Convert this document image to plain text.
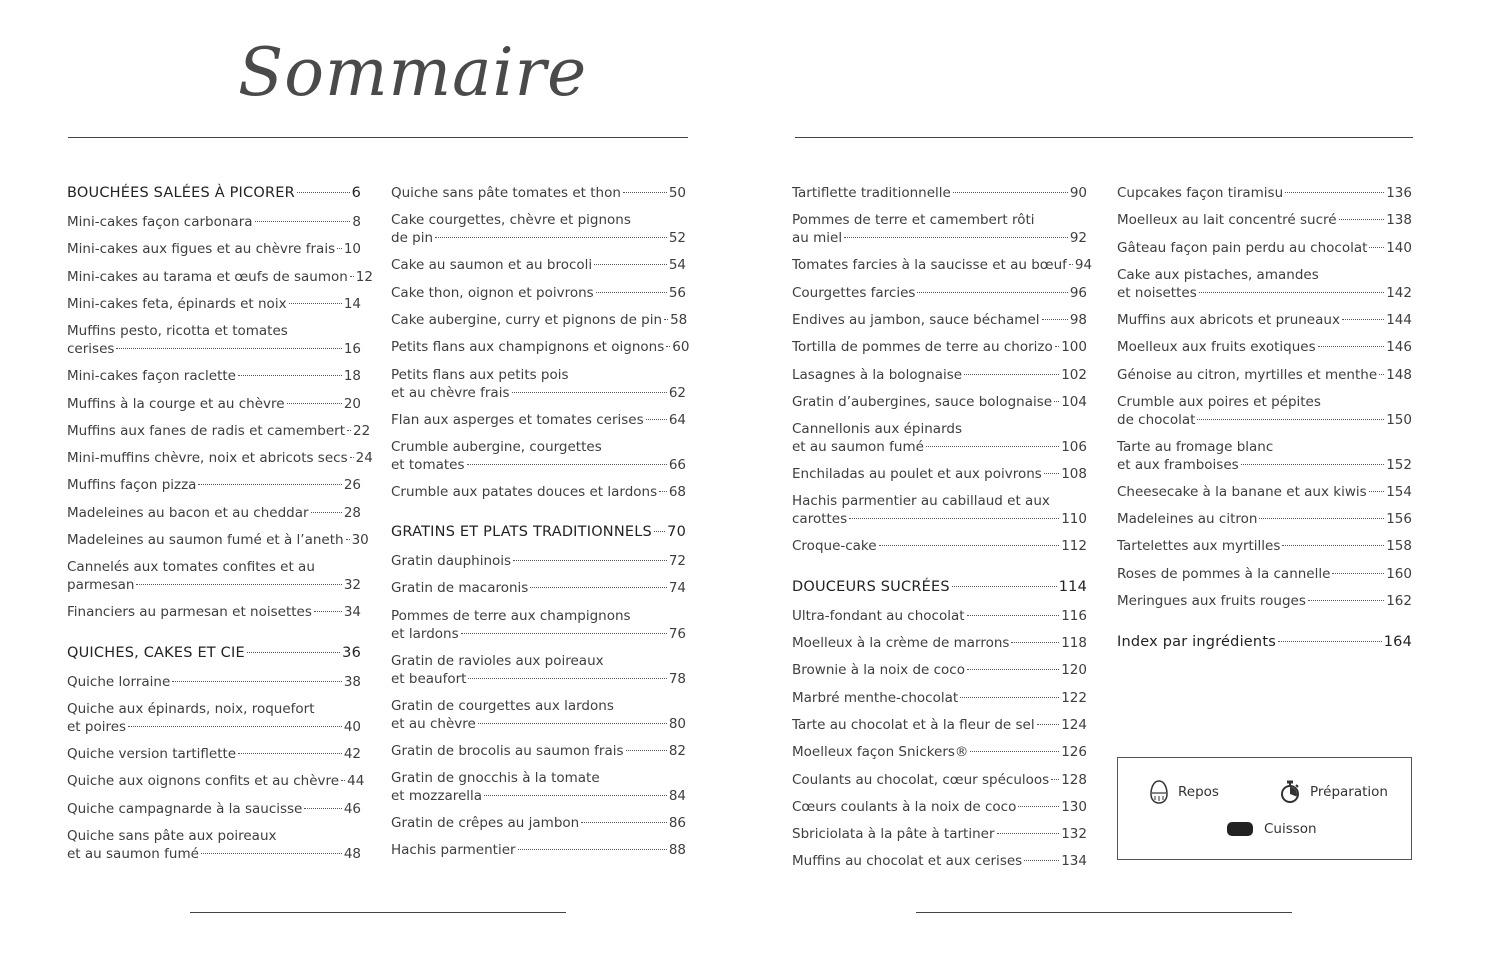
Sommaire
BOUCHÉES SALÉES À PICORER	6
Mini-cakes façon carbonara	8
Mini-cakes aux figues et au chèvre frais 10
Mini-cakes au tarama et œufs de saumon 12
Mini-cakes feta, épinards et noix	14
Muffins pesto, ricotta et tomates
cerises	16
Mini-cakes façon raclette	18
Muffins à la courge et au chèvre	20
Muffins aux fanes de radis et camembert 22
Mini-muffins chèvre, noix et abricots secs 24
Muffins façon pizza	26
Madeleines au bacon et au cheddar	28
Madeleines au saumon fumé et à l’aneth 30
Cannelés aux tomates confites et au
parmesan	32
Financiers au parmesan et noisettes 34
QUICHES, CAKES ET CIE	36
Quiche lorraine	38
Quiche aux épinards, noix, roquefort
et poires	40
Quiche version tartiflette	42
Quiche aux oignons confits et au chèvre 44
Quiche campagnarde à la saucisse	46
Quiche sans pâte aux poireaux
et au saumon fumé	48
Quiche sans pâte tomates et thon	50
Cake courgettes, chèvre et pignons
de pin	52
Cake au saumon et au brocoli	54
Cake thon, oignon et poivrons	56
Cake aubergine, curry et pignons de pin 58
Petits flans aux champignons et oignons 60
Petits flans aux petits pois
et au chèvre frais	62
Flan aux asperges et tomates cerises 64
Crumble aubergine, courgettes
et tomates	66
Crumble aux patates douces et lardons 68
GRATINS ET PLATS TRADITIONNELS 70
Gratin dauphinois	72
Gratin de macaronis	74
Pommes de terre aux champignons
et lardons	76
Gratin de ravioles aux poireaux
et beaufort	78
Gratin de courgettes aux lardons
et au chèvre	80
Gratin de brocolis au saumon frais	82
Gratin de gnocchis à la tomate
et mozzarella	84
Gratin de crêpes au jambon	86
Hachis parmentier	88
Tartiflette traditionnelle	90
Pommes de terre et camembert rôti
au miel	92
Tomates farcies à la saucisse et au bœuf 94
Courgettes farcies	96
Endives au jambon, sauce béchamel 98
Tortilla de pommes de terre au chorizo 100
Lasagnes à la bolognaise	102
Gratin d’aubergines, sauce bolognaise 104
Cannellonis aux épinards
et au saumon fumé	106
Enchiladas au poulet et aux poivrons 108
Hachis parmentier au cabillaud et aux
carottes	110
Croque-cake	112
DOUCEURS SUCRÉES	114
Ultra-fondant au chocolat	116
Moelleux à la crème de marrons	118
Brownie à la noix de coco	120
Marbré menthe-chocolat	122
Tarte au chocolat et à la fleur de sel 124
Moelleux façon Snickers®	126
Coulants au chocolat, cœur spéculoos 128
Cœurs coulants à la noix de coco	130
Sbriciolata à la pâte à tartiner	132
Muffins au chocolat et aux cerises	134
Cupcakes façon tiramisu	136
Moelleux au lait concentré sucré	138
Gâteau façon pain perdu au chocolat 140
Cake aux pistaches, amandes
et noisettes	142
Muffins aux abricots et pruneaux	144
Moelleux aux fruits exotiques	146
Génoise au citron, myrtilles et menthe 148
Crumble aux poires et pépites
de chocolat	150
Tarte au fromage blanc
et aux framboises	152
Cheesecake à la banane et aux kiwis 154
Madeleines au citron	156
Tartelettes aux myrtilles	158
Roses de pommes à la cannelle	160
Meringues aux fruits rouges	162
Index par ingrédients	164
Repos	Préparation
Cuisson
